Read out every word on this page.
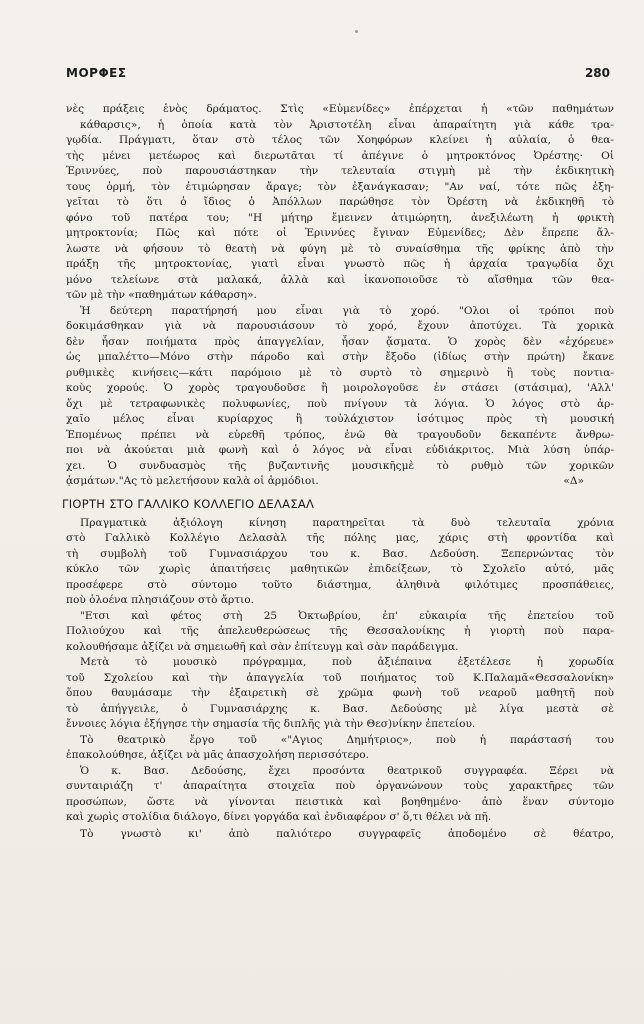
ΜΟΡΦΕΣ	280
νὲς πράξεις ἑνὸς δράματος. Στὶς «Εὐμενίδες» ἐπέρχεται ἡ «τῶν παθημάτων
κάθαρσις», ἡ ὁποία κατὰ τὸν Ἀριστοτέλη εἶναι ἀπαραίτητη γιὰ κάθε τρα-
γῳδία. Πράγματι, ὅταν στὸ τέλος τῶν Χοηφόρων κλείνει ἡ αὐλαία, ὁ θεα-
τὴς μένει μετέωρος καὶ διερωτᾶται τί ἀπέγινε ὁ μητροκτόνος Ὀρέστης· Οἱ
Ἐριννύες, ποὺ παρουσιάστηκαν τὴν τελευταία στιγμὴ μὲ τὴν ἐκδικητικὴ
τους ὁρμή, τὸν ἐτιμώρησαν ἄραγε; τὸν ἐξανάγκασαν; "Αν ναί, τότε πῶς ἐξη-
γεῖται τὸ ὅτι ὁ ἴδιος ὁ Ἀπόλλων παρώθησε τὸν Ὀρέστη νὰ ἐκδικηθῆ τὸ
φόνο τοῦ πατέρα του; "Η μήτηρ ἔμεινεν ἀτιμώρητη, ἀνεξιλέωτη ἡ φρικτὴ
μητροκτονία; Πῶς καὶ πότε οἱ Ἐριννύες ἔγιναν Εὐμενίδες; Δὲν ἔπρεπε ἄλ-
λωστε νὰ φήσουν τὸ θεατὴ νὰ φύγη μὲ τὸ συναίσθημα τῆς φρίκης ἀπὸ τὴν
πράξη τῆς μητροκτονίας, γιατὶ εἶναι γνωστὸ πῶς ἡ ἀρχαία τραγῳδία ὄχι
μόνο τελείωνε στὰ μαλακά, ἀλλὰ καὶ ἱκανοποιοῦσε τὸ αἴσθημα τῶν θεα-
τῶν μὲ τὴν «παθημάτων κάθαρση».
Ἡ δεύτερη παρατήρησή μου εἶναι γιὰ τὸ χορό. "Ολοι οἱ τρόποι ποὺ
δοκιμάσθηκαν γιὰ νὰ παρουσιάσουν τὸ χορό, ἔχουν ἀποτύχει. Τὰ χορικὰ
δὲν ἦσαν ποιήματα πρὸς ἀπαγγελίαν, ἦσαν ᾄσματα. Ὁ χορὸς δὲν «ἐχόρευε»
ὡς μπαλέττο—Μόνο στὴν πάροδο καὶ στὴν ἔξοδο (ἰδίως στὴν πρώτη) ἔκανε
ρυθμικὲς κινήσεις—κάτι παρόμοιο μὲ τὸ συρτὸ τὸ σημερινὸ ἢ τοὺς ποντια-
κοὺς χορούς. Ὁ χορὸς τραγουδοῦσε ἢ μοιρολογοῦσε ἐν στάσει (στάσιμα), 'Αλλ'
ὄχι μὲ τετραφωνικὲς πολυφωνίες, ποὺ πνίγουν τὰ λόγια. Ὁ λόγος στὸ ἀρ-
χαῖο μέλος εἶναι κυρίαρχος ἢ τοὐλάχιστον ἰσότιμος πρὸς τὴ μουσική
Ἐπομένως πρέπει νὰ εὑρεθῆ τρόπος, ἐνῶ θὰ τραγουδοῦν δεκαπέντε ἄνθρω-
ποι νὰ ἀκούεται μιὰ φωνὴ καὶ ὁ λόγος νὰ εἶναι εὐδιάκριτος. Μιὰ λύση ὑπάρ-
χει. Ὁ συνδυασμὸς τῆς βυζαντινῆς μουσικῆςμὲ τὸ ρυθμὸ τῶν χορικῶν
ᾀσμάτων."Ας τὸ μελετήσουν καλὰ οἱ ἁρμόδιοι.	«Δ»
ΓΙΟΡΤΗ ΣΤΟ ΓΑΛΛΙΚΟ ΚΟΛΛΕΓΙΟ ΔΕΛΑΣΑΛ
Πραγματικὰ ἀξιόλογη κίνηση παρατηρεῖται τὰ δυὸ τελευταῖα χρόνια
στὸ Γαλλικὸ Κολλέγιο Δελασὰλ τῆς πόλης μας, χάρις στὴ φροντίδα καὶ
τὴ συμβολὴ τοῦ Γυμνασιάρχου του κ. Βασ. Δεδούση. Ξεπερνώντας τὸν
κύκλο τῶν χωρὶς ἀπαιτήσεις μαθητικῶν ἐπιδείξεων, τὸ Σχολεῖο αὐτό, μᾶς
προσέφερε στὸ σύντομο τοῦτο διάστημα, ἀληθινὰ φιλότιμες προσπάθειες,
ποὺ ὁλοένα πλησιάζουν στὸ ἄρτιο.
"Ετσι καὶ φέτος στὴ 25 Ὀκτωβρίου, ἐπ' εὐκαιρία τῆς ἐπετείου τοῦ
Πολιούχου καὶ τῆς ἀπελευθερώσεως τῆς Θεσσαλονίκης ἡ γιορτὴ ποὺ παρα-
κολουθήσαμε ἀξίζει νὰ σημειωθῆ καὶ σὰν ἐπίτευγμ καὶ σὰν παράδειγμα.
Μετὰ τὸ μουσικὸ πρόγραμμα, ποὺ ἀξιέπαινα ἐξετέλεσε ἡ χορωδία
τοῦ Σχολείου καὶ τὴν ἀπαγγελία τοῦ ποιήματος τοῦ Κ.Παλαμᾶ«Θεσσαλονίκη»
ὅπου θαυμάσαμε τὴν ἐξαιρετικὴ σὲ χρῶμα φωνὴ τοῦ νεαροῦ μαθητῆ ποὺ
τὸ ἀπήγγειλε, ὁ Γυμνασιάρχης κ. Βασ. Δεδούσης μὲ λίγα μεστὰ σὲ
ἔννοιες λόγια ἐξήγησε τὴν σημασία τῆς διπλῆς γιὰ τὴν Θεσ)νίκην ἐπετείου.
Τὸ θεατρικὸ ἔργο τοῦ «"Αγιος Δημήτριος», ποὺ ἡ παράστασή του
ἐπακολούθησε, ἀξίζει νὰ μᾶς ἀπασχολήση περισσότερο.
Ὁ κ. Βασ. Δεδούσης, ἔχει προσόντα θεατρικοῦ συγγραφέα. Ξέρει νὰ
συνταιριάζη τ' ἀπαραίτητα στοιχεῖα ποὺ ὀργανώνουν τοὺς χαρακτῆρες τῶν
προσώπων, ὥστε νὰ γίνονται πειστικὰ καὶ βοηθημένο· ἀπὸ ἕναν σύντομο
καὶ χωρὶς στολίδια διάλογο, δίνει γοργάδα καὶ ἐνδιαφέρον σ' ὅ,τι θέλει νὰ πῆ.
Τὸ γνωστὸ κι' ἀπὸ παλιότερο συγγραφεῖς ἀποδομένο σὲ θέατρο,
